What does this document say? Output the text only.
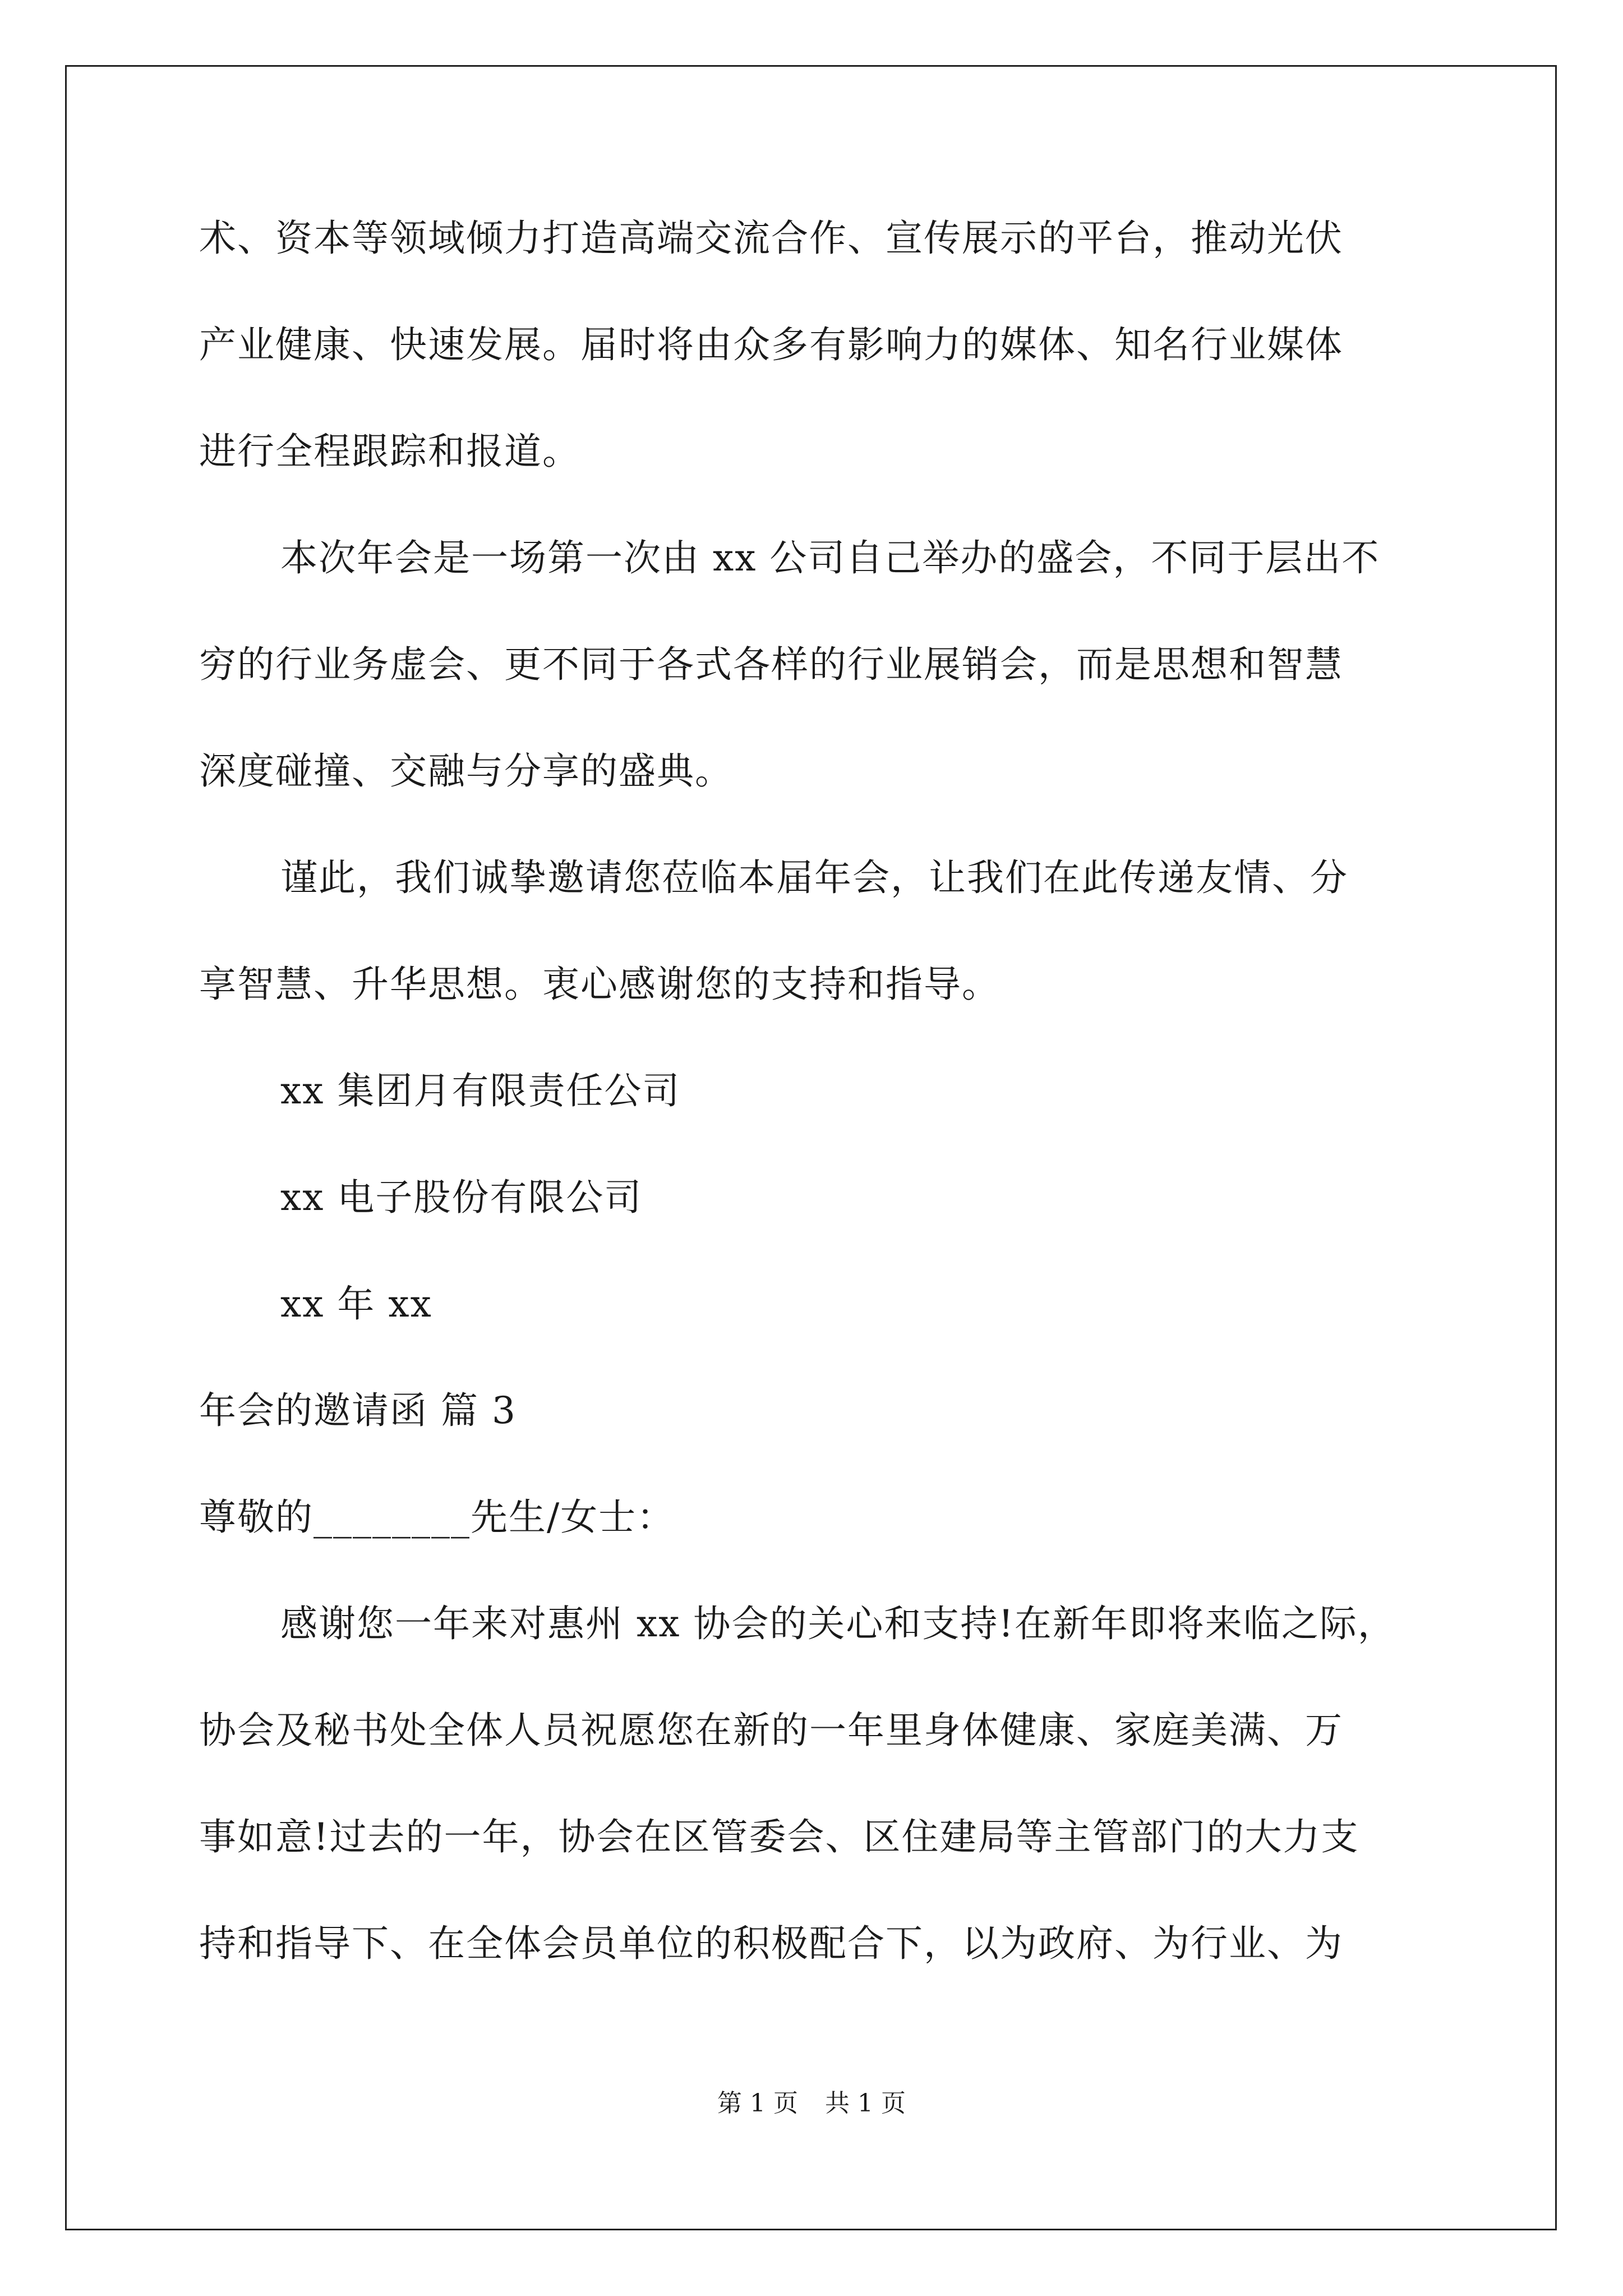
术、资本等领域倾力打造高端交流合作、宣传展示的平台，推动光伏
产业健康、快速发展。届时将由众多有影响力的媒体、知名行业媒体
进行全程跟踪和报道。
本次年会是一场第一次由 xx 公司自己举办的盛会，不同于层出不
穷的行业务虚会、更不同于各式各样的行业展销会，而是思想和智慧
深度碰撞、交融与分享的盛典。
谨此，我们诚挚邀请您莅临本届年会，让我们在此传递友情、分
享智慧、升华思想。衷心感谢您的支持和指导。
xx 集团月有限责任公司
xx 电子股份有限公司
xx 年 xx
年会的邀请函 篇 3
尊敬的________先生/女士：
感谢您一年来对惠州 xx 协会的关心和支持!在新年即将来临之际，
协会及秘书处全体人员祝愿您在新的一年里身体健康、家庭美满、万
事如意!过去的一年，协会在区管委会、区住建局等主管部门的大力支
持和指导下、在全体会员单位的积极配合下，以为政府、为行业、为
第 1 页 共 1 页
